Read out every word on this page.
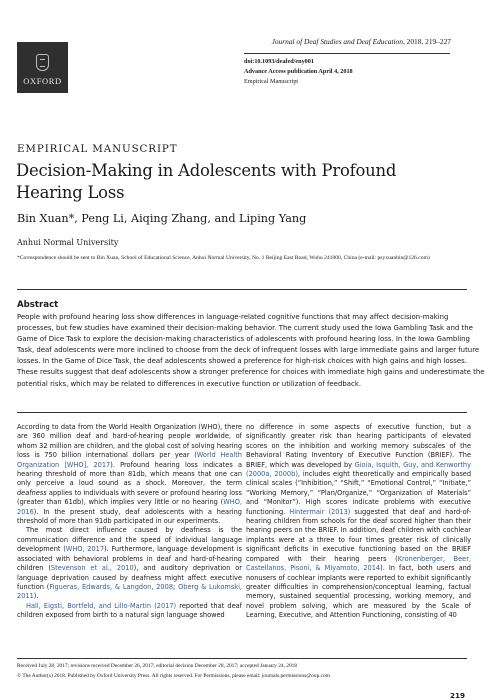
OXFORD
Journal of Deaf Studies and Deaf Education, 2018, 219–227
doi:10.1093/deafed/eny001
Advance Access publication April 4, 2018
Empirical Manuscript
EMPIRICAL MANUSCRIPT
Decision-Making in Adolescents with Profound Hearing Loss
Bin Xuan*, Peng Li, Aiqing Zhang, and Liping Yang
Anhui Normal University
*Correspondence should be sent to Bin Xuan, School of Educational Science, Anhui Normal University, No. 1 Beijing East Road, Wuhu 241000, China (e-mail: psyxuanbin@126.com)
Abstract
People with profound hearing loss show differences in language-related cognitive functions that may affect decision-making processes, but few studies have examined their decision-making behavior. The current study used the Iowa Gambling Task and the Game of Dice Task to explore the decision-making characteristics of adolescents with profound hearing loss. In the Iowa Gambling Task, deaf adolescents were more inclined to choose from the deck of infrequent losses with large immediate gains and larger future losses. In the Game of Dice Task, the deaf adolescents showed a preference for high-risk choices with high gains and high losses. These results suggest that deaf adolescents show a stronger preference for choices with immediate high gains and underestimate the potential risks, which may be related to differences in executive function or utilization of feedback.

According to data from the World Health Organization (WHO), there are 360 million deaf and hard-of-hearing people worldwide, of whom 32 million are children, and the global cost of solving hearing loss is 750 billion international dollars per year (World Health Organization [WHO], 2017). Profound hearing loss indicates a hearing threshold of more than 81db, which means that one can only perceive a loud sound as a shock. Moreover, the term deafness applies to individuals with severe or profound hearing loss (greater than 61db), which implies very little or no hearing (WHO, 2016). In the present study, deaf adolescents with a hearing threshold of more than 91db participated in our experiments.

The most direct influence caused by deafness is the communication difference and the speed of individual language development (WHO, 2017). Furthermore, language development is associated with behavioral problems in deaf and hard-of-hearing children (Stevenson et al., 2010), and auditory deprivation or language deprivation caused by deafness might affect executive function (Figueras, Edwards, & Langdon, 2008; Oberg & Lukomski, 2011).

Hall, Eigsti, Bortfeld, and Lillo-Martin (2017) reported that deaf children exposed from birth to a natural sign language showed

no difference in some aspects of executive function, but a significantly greater risk than hearing participants of elevated scores on the inhibition and working memory subscales of the Behavioral Rating Inventory of Executive Function (BRIEF). The BRIEF, which was developed by Gioia, Isquith, Guy, and Kenworthy (2000a, 2000b), includes eight theoretically and empirically based clinical scales (“Inhibition,” “Shift,” “Emotional Control,” “Initiate,” “Working Memory,” “Plan/Organize,” “Organization of Materials” and “Monitor”). High scores indicate problems with executive functioning. Hintermair (2013) suggested that deaf and hard-of-hearing children from schools for the deaf scored higher than their hearing peers on the BRIEF. In addition, deaf children with cochlear implants were at a three to four times greater risk of clinically significant deficits in executive functioning based on the BRIEF compared with their hearing peers (Kronenberger, Beer, Castellanos, Pisoni, & Miyamoto, 2014). In fact, both users and nonusers of cochlear implants were reported to exhibit significantly greater difficulties in comprehension/conceptual learning, factual memory, sustained sequential processing, working memory, and novel problem solving, which are measured by the Scale of Learning, Executive, and Attention Functioning, consisting of 40

Received July 28, 2017; revisions received December 26, 2017; editorial decision December 28, 2017; accepted January 24, 2018
© The Author(s) 2018. Published by Oxford University Press. All rights reserved. For Permissions, please email: journals.permissions@oup.com
219
